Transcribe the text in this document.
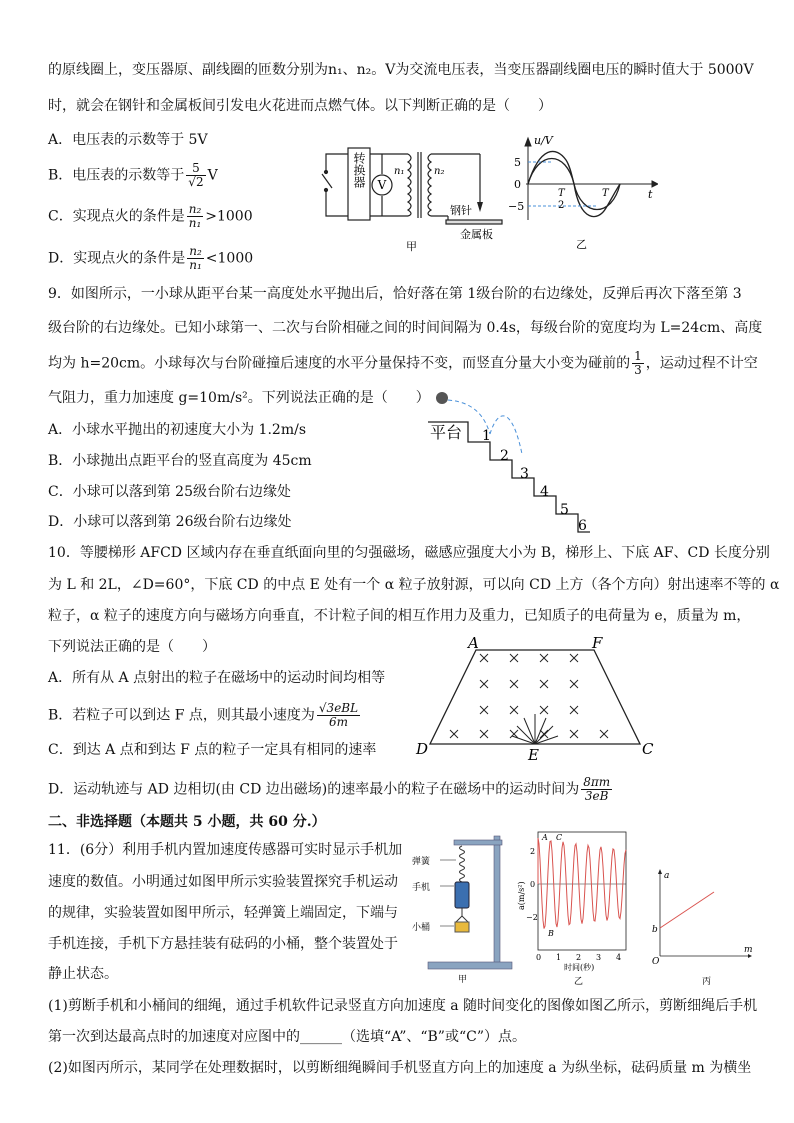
的原线圈上，变压器原、副线圈的匝数分别为n₁、n₂。V为交流电压表，当变压器副线圈电压的瞬时值大于 5000V
时，就会在钢针和金属板间引发电火花进而点燃气体。以下判断正确的是（　　）
A．电压表的示数等于 5V
B．电压表的示数等于 $\frac{5}{√2}$ V
C．实现点火的条件是 $\frac{\text{n₂}}{\text{n₁}} >1000$
D．实现点火的条件是 $\frac{\text{n₂}}{\text{n₁}} <1000$
转换器 V
n₁	n₂
钢针
金属板
甲
u/V
t
5
0
−5
T
2
T
乙
9．如图所示，一小球从距平台某一高度处水平抛出后，恰好落在第 1级台阶的右边缘处，反弹后再次下落至第 3
级台阶的右边缘处。已知小球第一、二次与台阶相碰之间的时间间隔为 0.4s，每级台阶的宽度均为 L=24cm、高度
均为 h=20cm。小球每次与台阶碰撞后速度的水平分量保持不变，而竖直分量大小变为碰前的 $\frac{1}{3}$ ，运动过程不计空
气阻力，重力加速度 g=10m/s²。下列说法正确的是（　　）
A．小球水平抛出的初速度大小为 1.2m/s
B．小球抛出点距平台的竖直高度为 45cm
C．小球可以落到第 25级台阶右边缘处
D．小球可以落到第 26级台阶右边缘处
平台 1
2
3
4
5
6
10．等腰梯形 AFCD 区域内存在垂直纸面向里的匀强磁场，磁感应强度大小为 B，梯形上、下底 AF、CD 长度分别
为 L 和 2L，∠D=60°，下底 CD 的中点 E 处有一个 α 粒子放射源，可以向 CD 上方（各个方向）射出速率不等的 α
粒子，α 粒子的速度方向与磁场方向垂直，不计粒子间的相互作用力及重力，已知质子的电荷量为 e，质量为 m，
下列说法正确的是（　　）
A．所有从 A 点射出的粒子在磁场中的运动时间均相等
B．若粒子可以到达 F 点，则其最小速度为 $\frac{\text{√3eBL}}{6m}$
C．到达 A 点和到达 F 点的粒子一定具有相同的速率
D．运动轨迹与 AD 边相切(由 CD 边出磁场)的速率最小的粒子在磁场中的运动时间为 $\frac{8\pi m}{3eB}$
A	F
D	C
E
二、非选择题（本题共 5 小题，共 60 分.）
11．(6分）利用手机内置加速度传感器可实时显示手机加
速度的数值。小明通过如图甲所示实验装置探究手机运动
的规律，实验装置如图甲所示，轻弹簧上端固定，下端与
手机连接，手机下方悬挂装有砝码的小桶，整个装置处于
静止状态。
(1)剪断手机和小桶间的细绳，通过手机软件记录竖直方向加速度 a 随时间变化的图像如图乙所示，剪断细绳后手机
第一次到达最高点时的加速度对应图中的______（选填“A”、“B”或“C”）点。
(2)如图丙所示，某同学在处理数据时，以剪断细绳瞬间手机竖直方向上的加速度 a 为纵坐标，砝码质量 m 为横坐
弹簧
手机
小桶
甲
2
0
−2
0 1 2 3 4
a(m/s²)
时间(秒)
A C
B
乙
a
b
O
m
丙
